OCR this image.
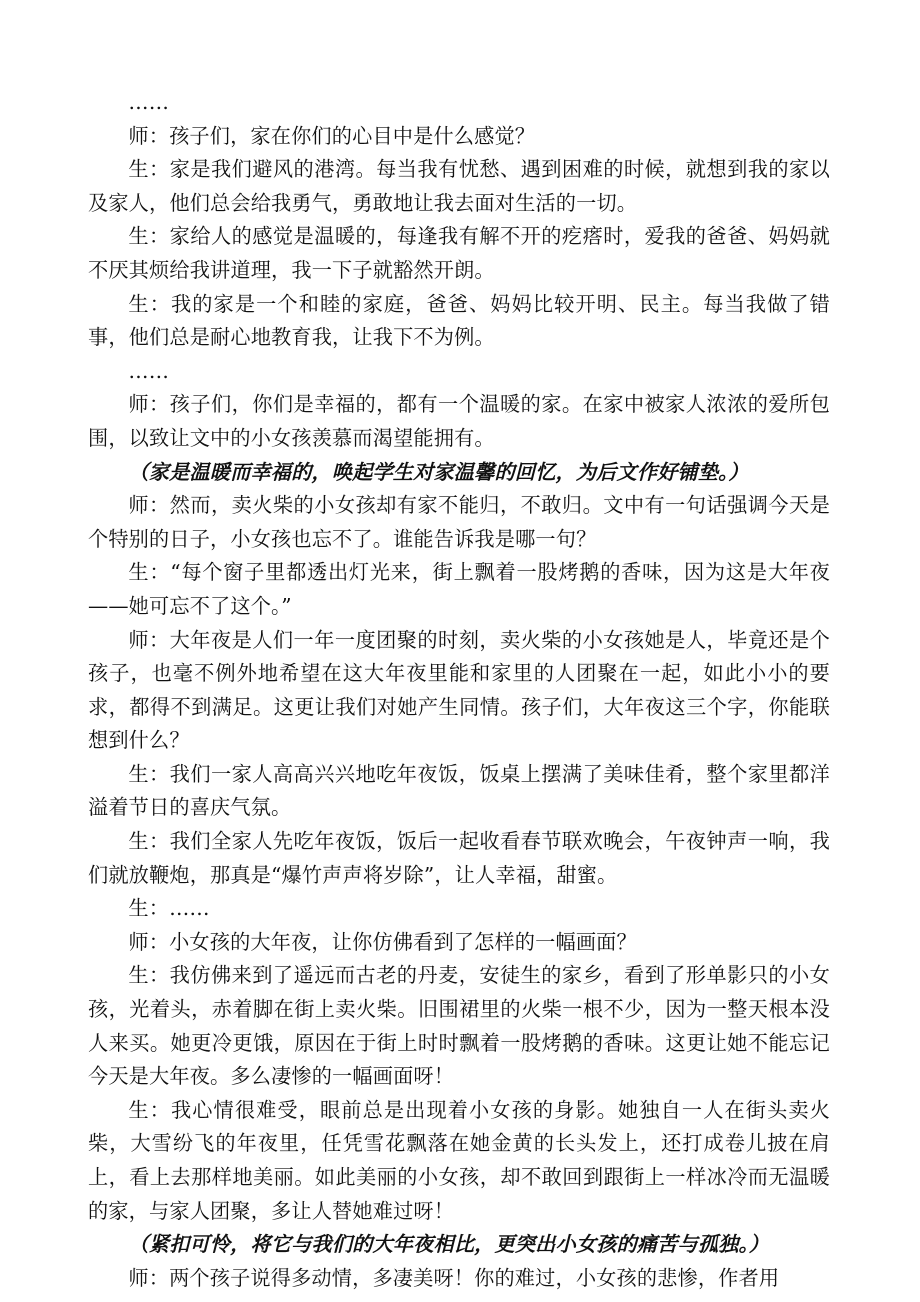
……

师：孩子们，家在你们的心目中是什么感觉？

生：家是我们避风的港湾。每当我有忧愁、遇到困难的时候，就想到我的家以及家人，他们总会给我勇气，勇敢地让我去面对生活的一切。

生：家给人的感觉是温暖的，每逢我有解不开的疙瘩时，爱我的爸爸、妈妈就不厌其烦给我讲道理，我一下子就豁然开朗。

生：我的家是一个和睦的家庭，爸爸、妈妈比较开明、民主。每当我做了错事，他们总是耐心地教育我，让我下不为例。

……

师：孩子们，你们是幸福的，都有一个温暖的家。在家中被家人浓浓的爱所包围，以致让文中的小女孩羡慕而渴望能拥有。

（家是温暖而幸福的，唤起学生对家温馨的回忆，为后文作好铺垫。）

师：然而，卖火柴的小女孩却有家不能归，不敢归。文中有一句话强调今天是个特别的日子，小女孩也忘不了。谁能告诉我是哪一句？

生：“每个窗子里都透出灯光来，街上飘着一股烤鹅的香味，因为这是大年夜——她可忘不了这个。”

师：大年夜是人们一年一度团聚的时刻，卖火柴的小女孩她是人，毕竟还是个孩子，也毫不例外地希望在这大年夜里能和家里的人团聚在一起，如此小小的要求，都得不到满足。这更让我们对她产生同情。孩子们，大年夜这三个字，你能联想到什么？

生：我们一家人高高兴兴地吃年夜饭，饭桌上摆满了美味佳肴，整个家里都洋溢着节日的喜庆气氛。

生：我们全家人先吃年夜饭，饭后一起收看春节联欢晚会，午夜钟声一响，我们就放鞭炮，那真是“爆竹声声将岁除”，让人幸福，甜蜜。

生：……

师：小女孩的大年夜，让你仿佛看到了怎样的一幅画面？

生：我仿佛来到了遥远而古老的丹麦，安徒生的家乡，看到了形单影只的小女孩，光着头，赤着脚在街上卖火柴。旧围裙里的火柴一根不少，因为一整天根本没人来买。她更冷更饿，原因在于街上时时飘着一股烤鹅的香味。这更让她不能忘记今天是大年夜。多么凄惨的一幅画面呀！

生：我心情很难受，眼前总是出现着小女孩的身影。她独自一人在街头卖火柴，大雪纷飞的年夜里，任凭雪花飘落在她金黄的长头发上，还打成卷儿披在肩上，看上去那样地美丽。如此美丽的小女孩，却不敢回到跟街上一样冰冷而无温暖的家，与家人团聚，多让人替她难过呀！

（紧扣可怜，将它与我们的大年夜相比，更突出小女孩的痛苦与孤独。）

师：两个孩子说得多动情，多凄美呀！你的难过，小女孩的悲惨，作者用
